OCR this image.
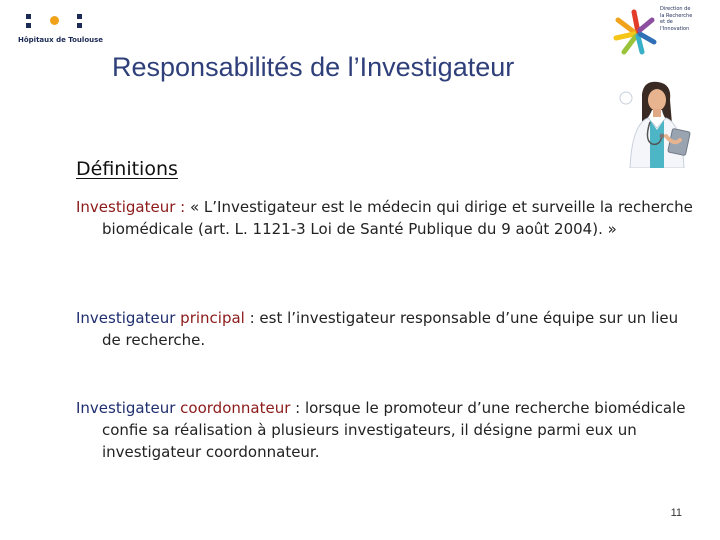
Hôpitaux de Toulouse
Direction de
la Recherche
et de
l'Innovation
Responsabilités de l’Investigateur
Définitions

Investigateur : « L’Investigateur est le médecin qui dirige et surveille la recherche biomédicale (art. L. 1121-3 Loi de Santé Publique du 9 août 2004). »

Investigateur principal : est l’investigateur responsable d’une équipe sur un lieu de recherche.

Investigateur coordonnateur : lorsque le promoteur d’une recherche biomédicale confie sa réalisation à plusieurs investigateurs, il désigne parmi eux un investigateur coordonnateur.

11
